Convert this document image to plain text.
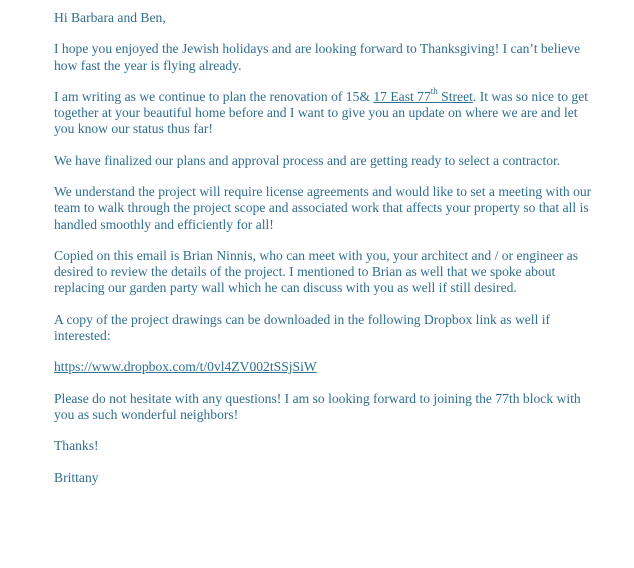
Hi Barbara and Ben,

I hope you enjoyed the Jewish holidays and are looking forward to Thanksgiving! I can’t believe how fast the year is flying already.

I am writing as we continue to plan the renovation of 15& 17 East 77th Street. It was so nice to get together at your beautiful home before and I want to give you an update on where we are and let you know our status thus far!

We have finalized our plans and approval process and are getting ready to select a contractor.

We understand the project will require license agreements and would like to set a meeting with our team to walk through the project scope and associated work that affects your property so that all is handled smoothly and efficiently for all!

Copied on this email is Brian Ninnis, who can meet with you, your architect and / or engineer as desired to review the details of the project. I mentioned to Brian as well that we spoke about replacing our garden party wall which he can discuss with you as well if still desired.

A copy of the project drawings can be downloaded in the following Dropbox link as well if interested:

https://www.dropbox.com/t/0vl4ZV002tSSjSiW

Please do not hesitate with any questions! I am so looking forward to joining the 77th block with you as such wonderful neighbors!

Thanks!

Brittany
